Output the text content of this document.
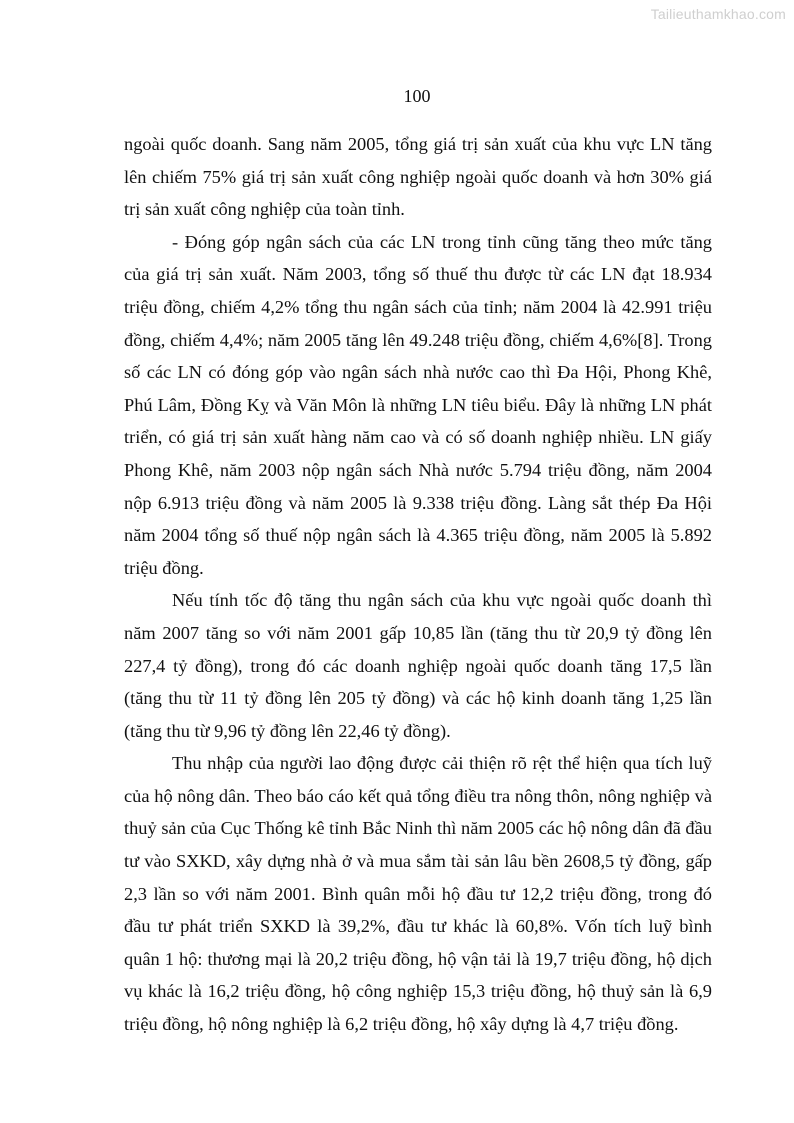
Tailieuthamkhao.com
100

ngoài quốc doanh. Sang năm 2005, tổng giá trị sản xuất của khu vực LN tăng lên chiếm 75% giá trị sản xuất công nghiệp ngoài quốc doanh và hơn 30% giá trị sản xuất công nghiệp của toàn tỉnh.

- Đóng góp ngân sách của các LN trong tỉnh cũng tăng theo mức tăng của giá trị sản xuất. Năm 2003, tổng số thuế thu được từ các LN đạt 18.934 triệu đồng, chiếm 4,2% tổng thu ngân sách của tỉnh; năm 2004 là 42.991 triệu đồng, chiếm 4,4%; năm 2005 tăng lên 49.248 triệu đồng, chiếm 4,6%[8]. Trong số các LN có đóng góp vào ngân sách nhà nước cao thì Đa Hội, Phong Khê, Phú Lâm, Đồng Kỵ và Văn Môn là những LN tiêu biểu. Đây là những LN phát triển, có giá trị sản xuất hàng năm cao và có số doanh nghiệp nhiều. LN giấy Phong Khê, năm 2003 nộp ngân sách Nhà nước 5.794 triệu đồng, năm 2004 nộp 6.913 triệu đồng và năm 2005 là 9.338 triệu đồng. Làng sắt thép Đa Hội năm 2004 tổng số thuế nộp ngân sách là 4.365 triệu đồng, năm 2005 là 5.892 triệu đồng.

Nếu tính tốc độ tăng thu ngân sách của khu vực ngoài quốc doanh thì năm 2007 tăng so với năm 2001 gấp 10,85 lần (tăng thu từ 20,9 tỷ đồng lên 227,4 tỷ đồng), trong đó các doanh nghiệp ngoài quốc doanh tăng 17,5 lần (tăng thu từ 11 tỷ đồng lên 205 tỷ đồng) và các hộ kinh doanh tăng 1,25 lần (tăng thu từ 9,96 tỷ đồng lên 22,46 tỷ đồng).

Thu nhập của người lao động được cải thiện rõ rệt thể hiện qua tích luỹ của hộ nông dân. Theo báo cáo kết quả tổng điều tra nông thôn, nông nghiệp và thuỷ sản của Cục Thống kê tỉnh Bắc Ninh thì năm 2005 các hộ nông dân đã đầu tư vào SXKD, xây dựng nhà ở và mua sắm tài sản lâu bền 2608,5 tỷ đồng, gấp 2,3 lần so với năm 2001. Bình quân mỗi hộ đầu tư 12,2 triệu đồng, trong đó đầu tư phát triển SXKD là 39,2%, đầu tư khác là 60,8%. Vốn tích luỹ bình quân 1 hộ: thương mại là 20,2 triệu đồng, hộ vận tải là 19,7 triệu đồng, hộ dịch vụ khác là 16,2 triệu đồng, hộ công nghiệp 15,3 triệu đồng, hộ thuỷ sản là 6,9 triệu đồng, hộ nông nghiệp là 6,2 triệu đồng, hộ xây dựng là 4,7 triệu đồng.
